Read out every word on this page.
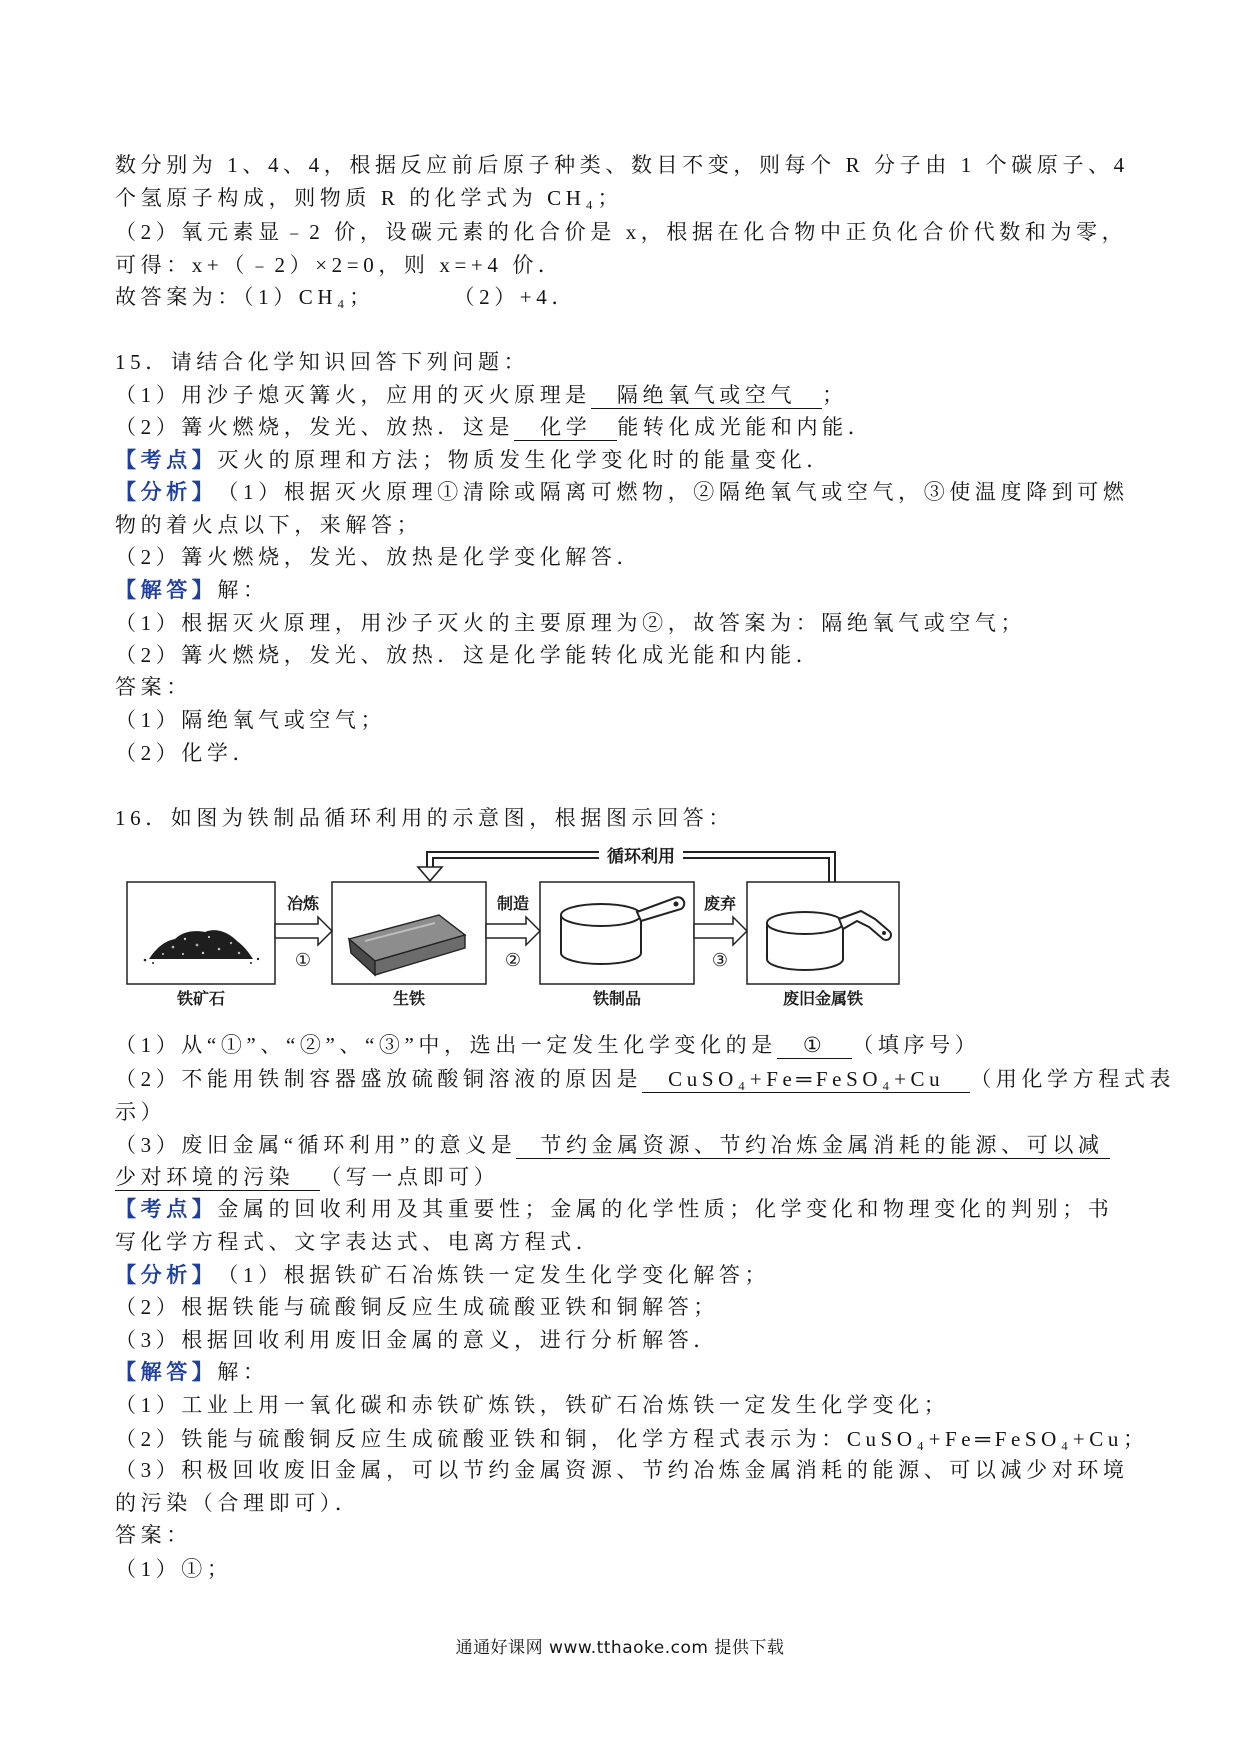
数分别为 1、4、4，根据反应前后原子种类、数目不变，则每个 R 分子由 1 个碳原子、4
个氢原子构成，则物质 R 的化学式为 CH₄；
（2）氧元素显﹣2 价，设碳元素的化合价是 x，根据在化合物中正负化合价代数和为零，
可得：x+（﹣2）×2=0，则 x=+4 价．
故答案为：（1）CH₄；        （2）+4．
15．请结合化学知识回答下列问题：
（1）用沙子熄灭篝火，应用的灭火原理是	隔绝氧气或空气	；
（2）篝火燃烧，发光、放热．这是	化学	能转化成光能和内能．
【考点】 灭火的原理和方法；物质发生化学变化时的能量变化．
【分析】 （1）根据灭火原理①清除或隔离可燃物，②隔绝氧气或空气，③使温度降到可燃
物的着火点以下，来解答；
（2）篝火燃烧，发光、放热是化学变化解答．
【解答】 解：
（1）根据灭火原理，用沙子灭火的主要原理为②，故答案为：隔绝氧气或空气；
（2）篝火燃烧，发光、放热．这是化学能转化成光能和内能．
答案：
（1）隔绝氧气或空气；
（2）化学．
16．如图为铁制品循环利用的示意图，根据图示回答：
循环利用
冶炼
①
制造
②
废弃
③
铁矿石	生铁	铁制品	废旧金属铁
（1）从“①”、“②”、“③”中，选出一定发生化学变化的是	①	（填序号）
（2）不能用铁制容器盛放硫酸铜溶液的原因是	CuSO₄+Fe═FeSO₄+Cu	（用化学方程式表
示）
（3）废旧金属“循环利用”的意义是	节约金属资源、节约冶炼金属消耗的能源、可以减
少对环境的污染	（写一点即可）
【考点】 金属的回收利用及其重要性；金属的化学性质；化学变化和物理变化的判别；书
写化学方程式、文字表达式、电离方程式．
【分析】 （1）根据铁矿石冶炼铁一定发生化学变化解答；
（2）根据铁能与硫酸铜反应生成硫酸亚铁和铜解答；
（3）根据回收利用废旧金属的意义，进行分析解答．
【解答】 解：
（1）工业上用一氧化碳和赤铁矿炼铁，铁矿石冶炼铁一定发生化学变化；
（2）铁能与硫酸铜反应生成硫酸亚铁和铜，化学方程式表示为：CuSO₄+Fe═FeSO₄+Cu；
（3）积极回收废旧金属，可以节约金属资源、节约冶炼金属消耗的能源、可以减少对环境
的污染（合理即可）．
答案：
（1）①；
通通好课网 www.tthaoke.com 提供下载
